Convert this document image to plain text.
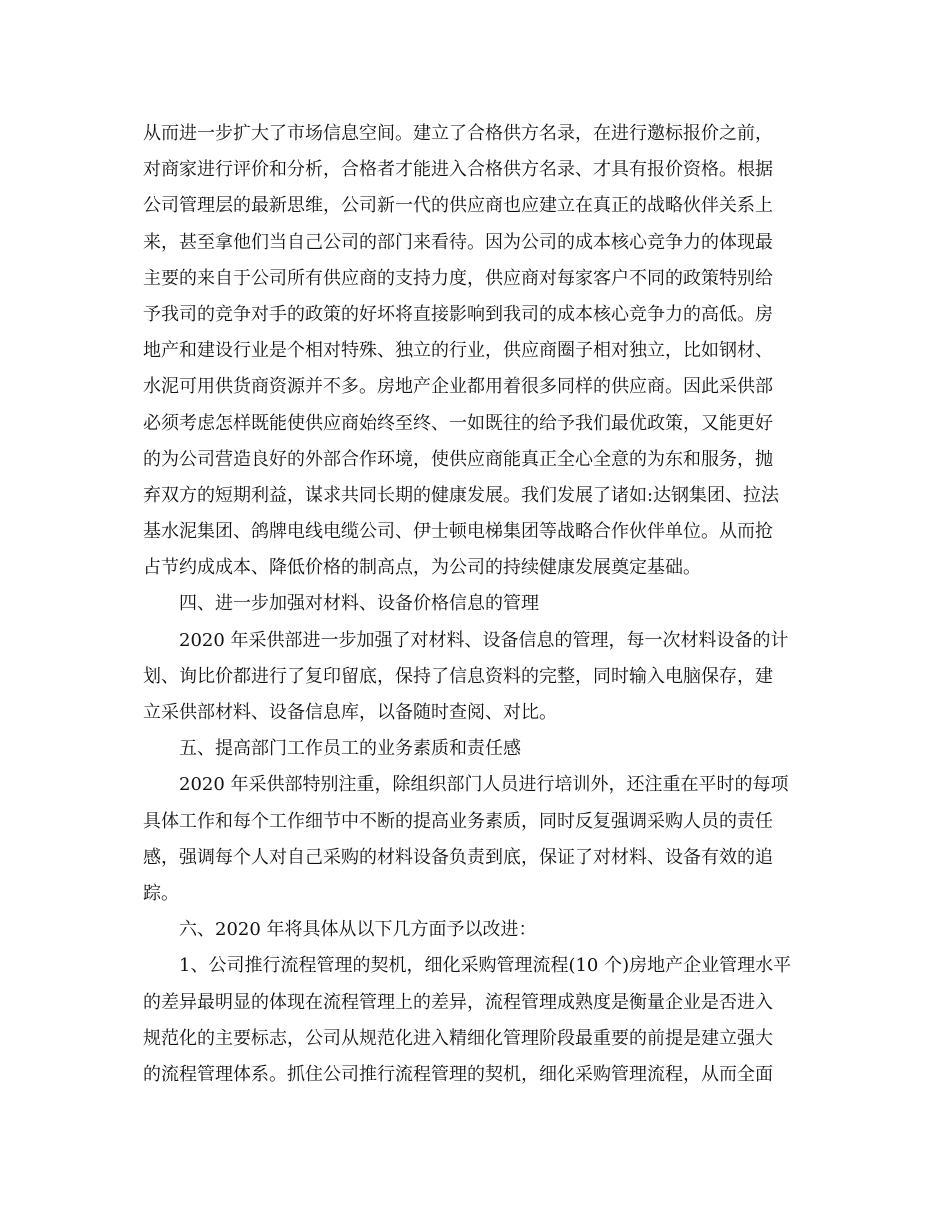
从而进一步扩大了市场信息空间。建立了合格供方名录，在进行邀标报价之前，
对商家进行评价和分析，合格者才能进入合格供方名录、才具有报价资格。根据
公司管理层的最新思维，公司新一代的供应商也应建立在真正的战略伙伴关系上
来，甚至拿他们当自己公司的部门来看待。因为公司的成本核心竞争力的体现最
主要的来自于公司所有供应商的支持力度，供应商对每家客户不同的政策特别给
予我司的竞争对手的政策的好坏将直接影响到我司的成本核心竞争力的高低。房
地产和建设行业是个相对特殊、独立的行业，供应商圈子相对独立，比如钢材、
水泥可用供货商资源并不多。房地产企业都用着很多同样的供应商。因此采供部
必须考虑怎样既能使供应商始终至终、一如既往的给予我们最优政策，又能更好
的为公司营造良好的外部合作环境，使供应商能真正全心全意的为东和服务，抛
弃双方的短期利益，谋求共同长期的健康发展。我们发展了诸如:达钢集团、拉法
基水泥集团、鸽牌电线电缆公司、伊士顿电梯集团等战略合作伙伴单位。从而抢
占节约成成本、降低价格的制高点，为公司的持续健康发展奠定基础。
四、进一步加强对材料、设备价格信息的管理
2020 年采供部进一步加强了对材料、设备信息的管理，每一次材料设备的计
划、询比价都进行了复印留底，保持了信息资料的完整，同时输入电脑保存，建
立采供部材料、设备信息库，以备随时查阅、对比。
五、提高部门工作员工的业务素质和责任感
2020 年采供部特别注重，除组织部门人员进行培训外，还注重在平时的每项
具体工作和每个工作细节中不断的提高业务素质，同时反复强调采购人员的责任
感，强调每个人对自己采购的材料设备负责到底，保证了对材料、设备有效的追
踪。
六、2020 年将具体从以下几方面予以改进：
1、公司推行流程管理的契机，细化采购管理流程(10 个)房地产企业管理水平
的差异最明显的体现在流程管理上的差异，流程管理成熟度是衡量企业是否进入
规范化的主要标志，公司从规范化进入精细化管理阶段最重要的前提是建立强大
的流程管理体系。抓住公司推行流程管理的契机，细化采购管理流程，从而全面
